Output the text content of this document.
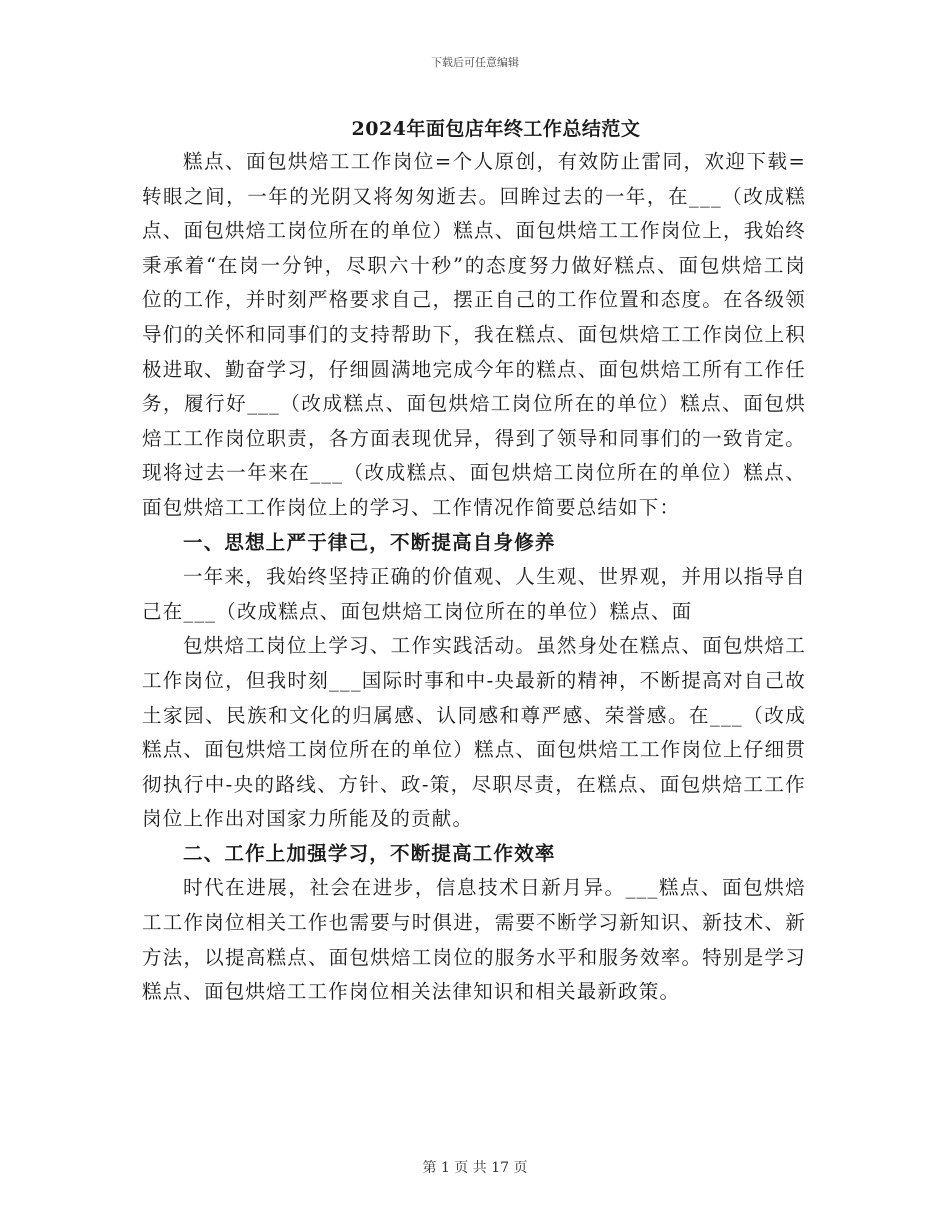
下载后可任意编辑
2024年面包店年终工作总结范文

糕点、面包烘焙工工作岗位=个人原创，有效防止雷同，欢迎下载=转眼之间，一年的光阴又将匆匆逝去。回眸过去的一年，在___（改成糕点、面包烘焙工岗位所在的单位）糕点、面包烘焙工工作岗位上，我始终秉承着“在岗一分钟，尽职六十秒”的态度努力做好糕点、面包烘焙工岗位的工作，并时刻严格要求自己，摆正自己的工作位置和态度。在各级领导们的关怀和同事们的支持帮助下，我在糕点、面包烘焙工工作岗位上积极进取、勤奋学习，仔细圆满地完成今年的糕点、面包烘焙工所有工作任务，履行好___（改成糕点、面包烘焙工岗位所在的单位）糕点、面包烘焙工工作岗位职责，各方面表现优异，得到了领导和同事们的一致肯定。现将过去一年来在___（改成糕点、面包烘焙工岗位所在的单位）糕点、面包烘焙工工作岗位上的学习、工作情况作简要总结如下：

一、思想上严于律己，不断提高自身修养

一年来，我始终坚持正确的价值观、人生观、世界观，并用以指导自己在___（改成糕点、面包烘焙工岗位所在的单位）糕点、面

包烘焙工岗位上学习、工作实践活动。虽然身处在糕点、面包烘焙工工作岗位，但我时刻___国际时事和中-央最新的精神，不断提高对自己故土家园、民族和文化的归属感、认同感和尊严感、荣誉感。在___（改成糕点、面包烘焙工岗位所在的单位）糕点、面包烘焙工工作岗位上仔细贯彻执行中-央的路线、方针、政-策，尽职尽责，在糕点、面包烘焙工工作岗位上作出对国家力所能及的贡献。

二、工作上加强学习，不断提高工作效率

时代在进展，社会在进步，信息技术日新月异。___糕点、面包烘焙工工作岗位相关工作也需要与时俱进，需要不断学习新知识、新技术、新方法，以提高糕点、面包烘焙工岗位的服务水平和服务效率。特别是学习糕点、面包烘焙工工作岗位相关法律知识和相关最新政策。

第 1 页 共 17 页
